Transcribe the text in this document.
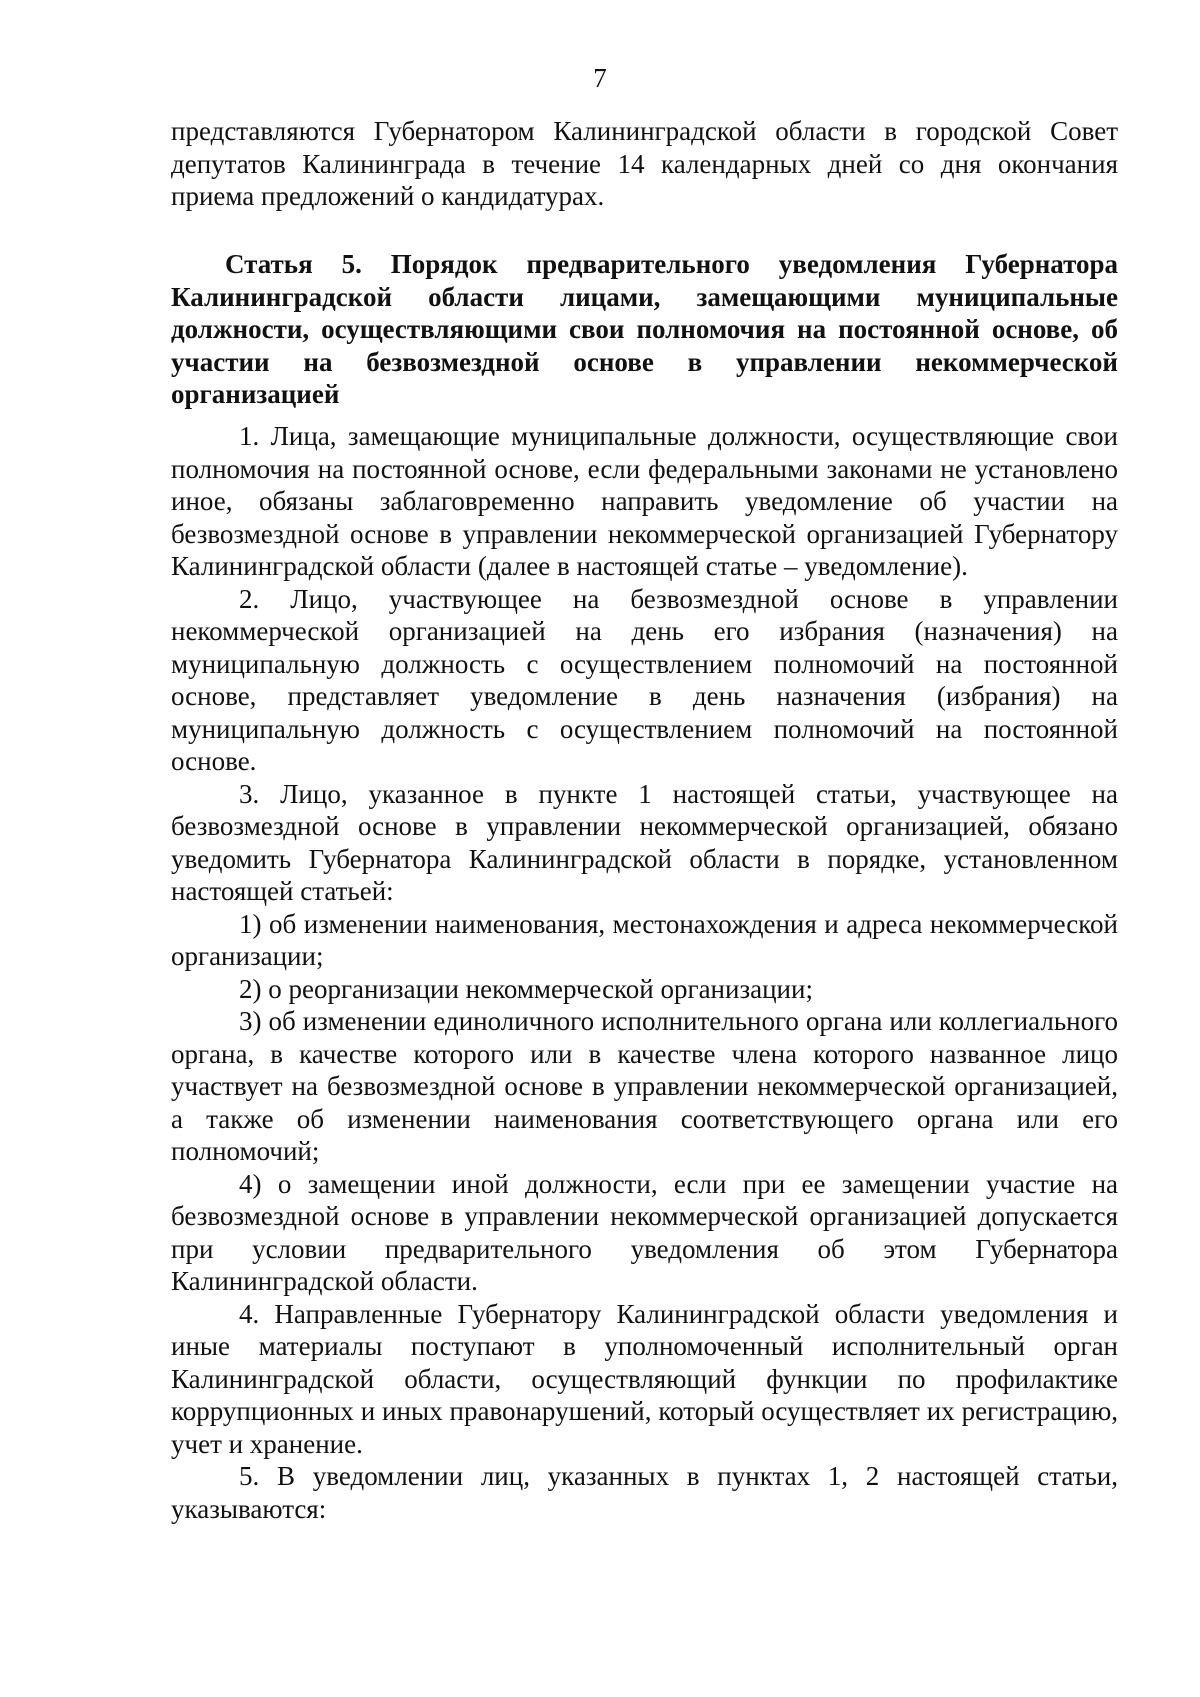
7

представляются Губернатором Калининградской области в городской Совет депутатов Калининграда в течение 14 календарных дней со дня окончания приема предложений о кандидатурах.

Статья 5. Порядок предварительного уведомления Губернатора Калининградской области лицами, замещающими муниципальные должности, осуществляющими свои полномочия на постоянной основе, об участии на безвозмездной основе в управлении некоммерческой организацией

1. Лица, замещающие муниципальные должности, осуществляющие свои полномочия на постоянной основе, если федеральными законами не установлено иное, обязаны заблаговременно направить уведомление об участии на безвозмездной основе в управлении некоммерческой организацией Губернатору Калининградской области (далее в настоящей статье – уведомление).

2. Лицо, участвующее на безвозмездной основе в управлении некоммерческой организацией на день его избрания (назначения) на муниципальную должность с осуществлением полномочий на постоянной основе, представляет уведомление в день назначения (избрания) на муниципальную должность с осуществлением полномочий на постоянной основе.

3. Лицо, указанное в пункте 1 настоящей статьи, участвующее на безвозмездной основе в управлении некоммерческой организацией, обязано уведомить Губернатора Калининградской области в порядке, установленном настоящей статьей:

1) об изменении наименования, местонахождения и адреса некоммерческой организации;

2) о реорганизации некоммерческой организации;

3) об изменении единоличного исполнительного органа или коллегиального органа, в качестве которого или в качестве члена которого названное лицо участвует на безвозмездной основе в управлении некоммерческой организацией, а также об изменении наименования соответствующего органа или его полномочий;

4) о замещении иной должности, если при ее замещении участие на безвозмездной основе в управлении некоммерческой организацией допускается при условии предварительного уведомления об этом Губернатора Калининградской области.

4. Направленные Губернатору Калининградской области уведомления и иные материалы поступают в уполномоченный исполнительный орган Калининградской области, осуществляющий функции по профилактике коррупционных и иных правонарушений, который осуществляет их регистрацию, учет и хранение.

5. В уведомлении лиц, указанных в пунктах 1, 2 настоящей статьи, указываются:
